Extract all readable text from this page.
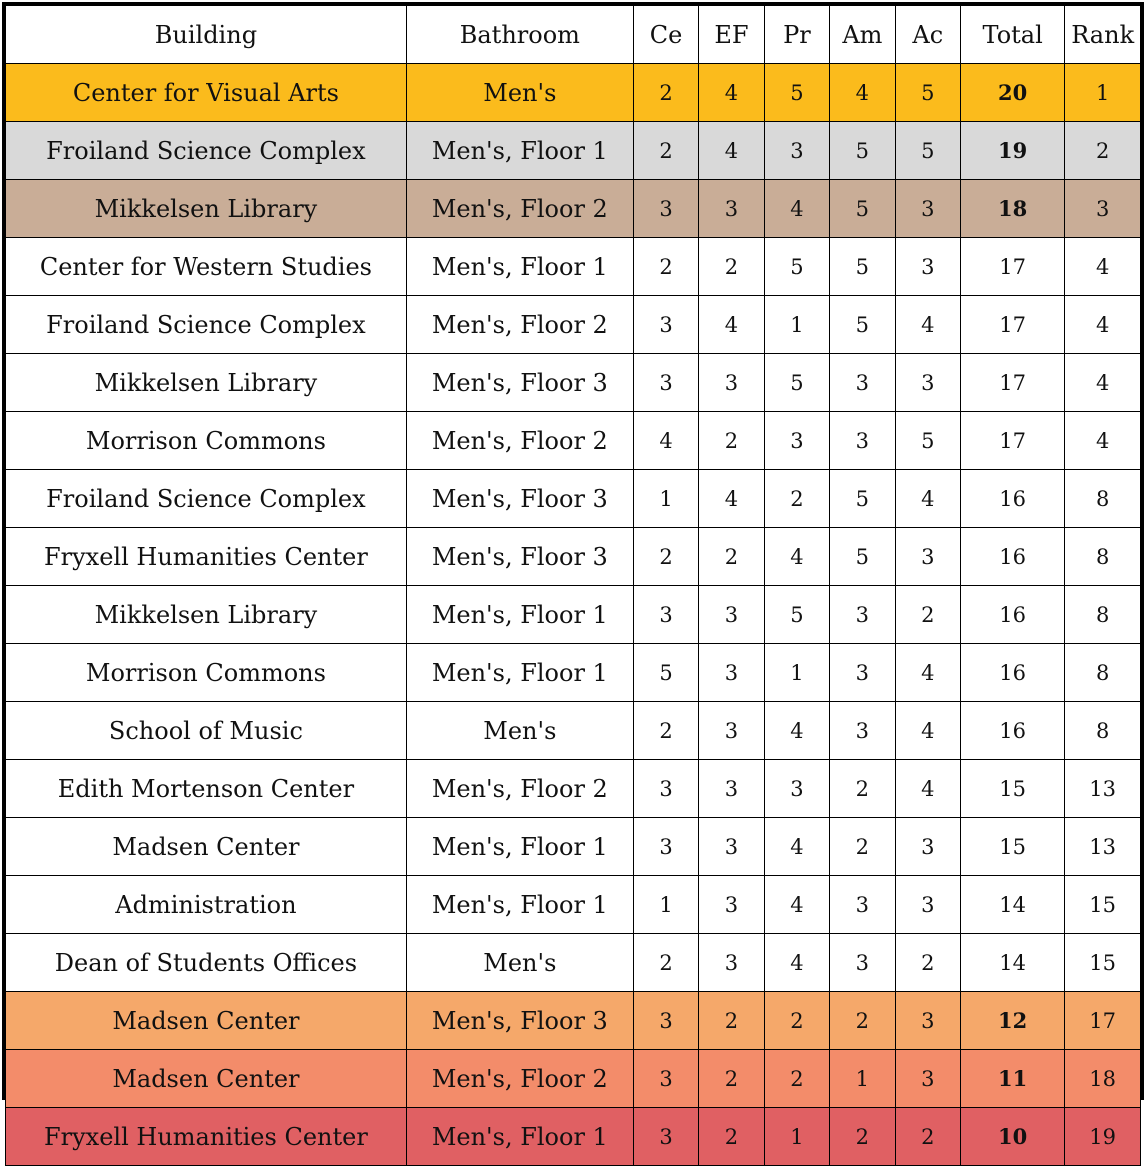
Building	Bathroom	Ce	EF	Pr	Am	Ac	Total	Rank
Center for Visual Arts	Men's	2	4	5	4	5	20	1
Froiland Science Complex	Men's, Floor 1	2	4	3	5	5	19	2
Mikkelsen Library	Men's, Floor 2	3	3	4	5	3	18	3
Center for Western Studies	Men's, Floor 1	2	2	5	5	3	17	4
Froiland Science Complex	Men's, Floor 2	3	4	1	5	4	17	4
Mikkelsen Library	Men's, Floor 3	3	3	5	3	3	17	4
Morrison Commons	Men's, Floor 2	4	2	3	3	5	17	4
Froiland Science Complex	Men's, Floor 3	1	4	2	5	4	16	8
Fryxell Humanities Center	Men's, Floor 3	2	2	4	5	3	16	8
Mikkelsen Library	Men's, Floor 1	3	3	5	3	2	16	8
Morrison Commons	Men's, Floor 1	5	3	1	3	4	16	8
School of Music	Men's	2	3	4	3	4	16	8
Edith Mortenson Center	Men's, Floor 2	3	3	3	2	4	15	13
Madsen Center	Men's, Floor 1	3	3	4	2	3	15	13
Administration	Men's, Floor 1	1	3	4	3	3	14	15
Dean of Students Offices	Men's	2	3	4	3	2	14	15
Madsen Center	Men's, Floor 3	3	2	2	2	3	12	17
Madsen Center	Men's, Floor 2	3	2	2	1	3	11	18
Fryxell Humanities Center	Men's, Floor 1	3	2	1	2	2	10	19
